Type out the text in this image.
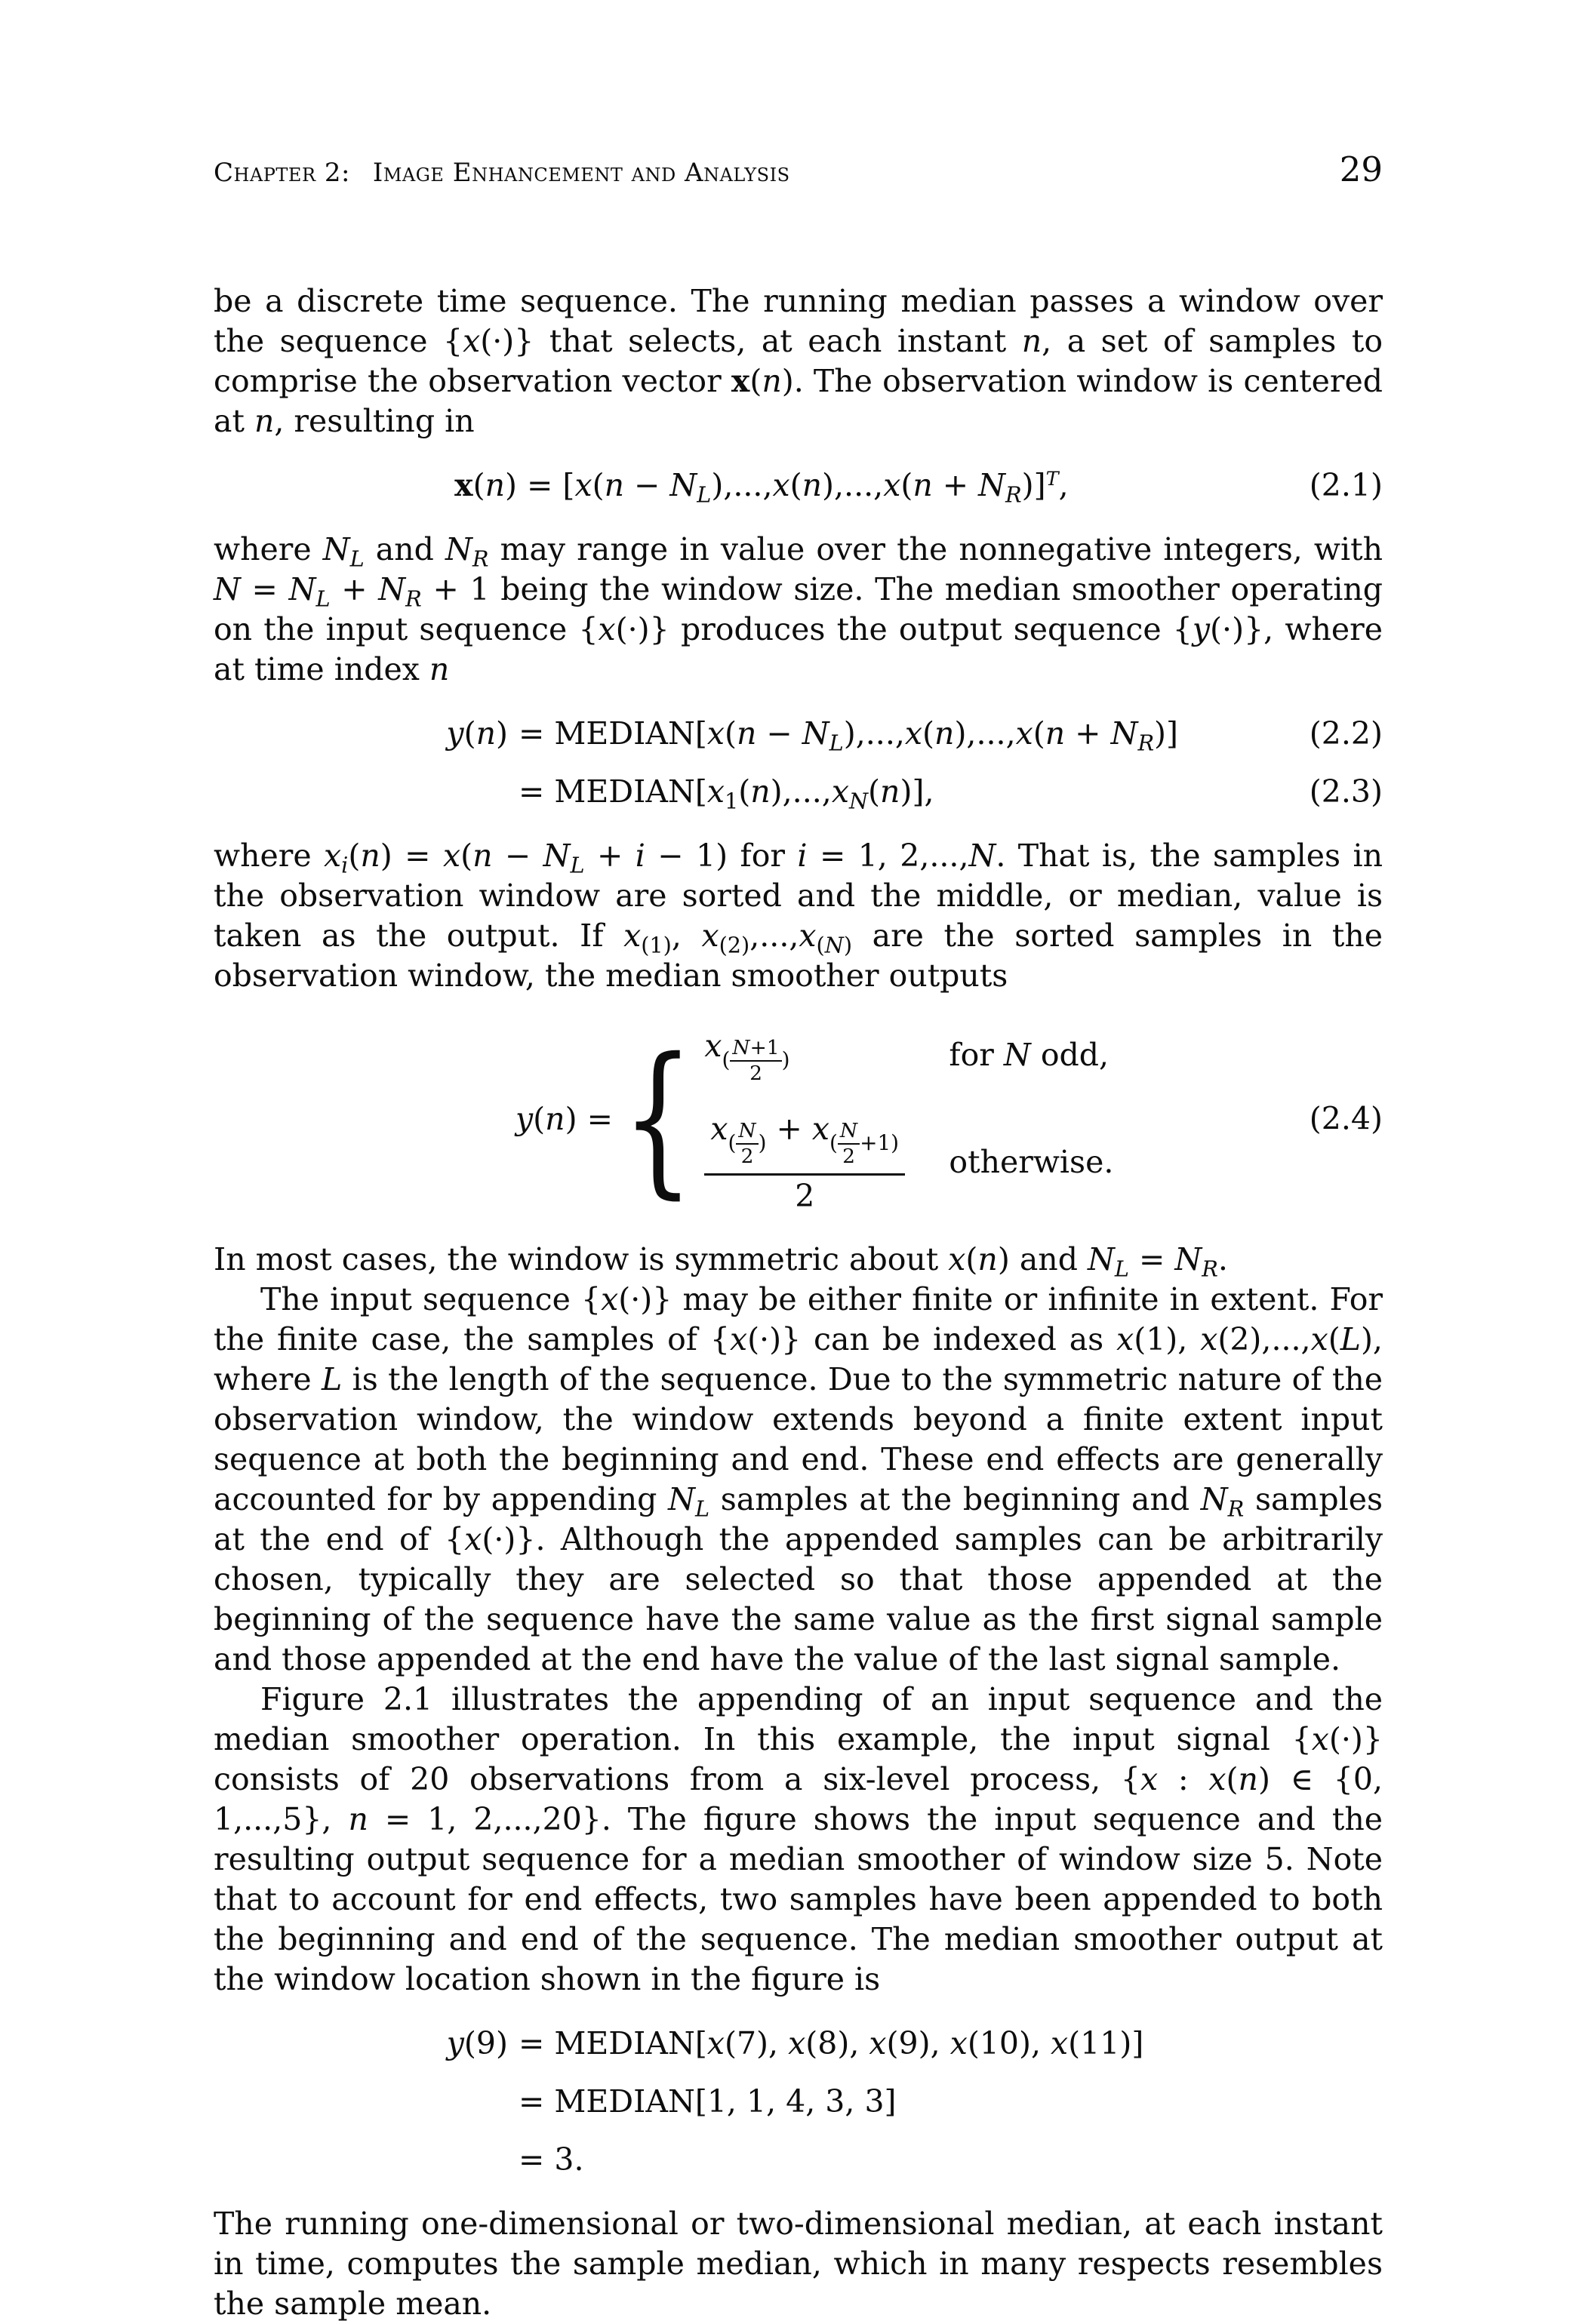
Chapter 2: Image Enhancement and Analysis	29

be a discrete time sequence. The running median passes a window over the sequence {x(·)} that selects, at each instant n, a set of samples to comprise the observation vector x(n). The observation window is centered at n, resulting in

$x(n) = [x(n - N_L),...,x(n),...,x(n + N_R)]^T$,	(2.1)

where $N_L$ and $N_R$ may range in value over the nonnegative integers, with $N = N_L + N_R + 1$ being the window size. The median smoother operating on the input sequence {x(·)} produces the output sequence {y(·)}, where at time index n

y(n) = MEDIAN[x(n − $N_L),...,x(n),...,x(n + N_R)$]	(2.2)
= $MEDIAN[x_1(n),...,x_N(n)]$,	(2.3)

where $x_i(n) = x(n - N_L + i - 1)$ for i = 1, 2,...,N. That is, the samples in the observation window are sorted and the middle, or median, value is taken as the output. If $x_{(1)}$, $x_{(2)},...,x_{(N)}$ are the sorted samples in the observation window, the median smoother outputs

y(n) = { $x_{( \frac{N+1}{2} )}$	for N odd,
$x_{( \frac{N}{2} )} + x_{( \frac{N}{2} +1)}$
2 otherwise.
(2.4)

In most cases, the window is symmetric about x(n) and $N_L = N_R$.

The input sequence {x(·)} may be either finite or infinite in extent. For the finite case, the samples of {x(·)} can be indexed as x(1), x(2),...,x(L), where L is the length of the sequence. Due to the symmetric nature of the observation window, the window extends beyond a finite extent input sequence at both the beginning and end. These end effects are generally accounted for by appending $N_L$ samples at the beginning and $N_R$ samples at the end of {x(·)}. Although the appended samples can be arbitrarily chosen, typically they are selected so that those appended at the beginning of the sequence have the same value as the first signal sample and those appended at the end have the value of the last signal sample.

Figure 2.1 illustrates the appending of an input sequence and the median smoother operation. In this example, the input signal {x(·)} consists of 20 observations from a six-level process, {x : x(n) ∈ {0, 1,...,5}, n = 1, 2,...,20}. The figure shows the input sequence and the resulting output sequence for a median smoother of window size 5. Note that to account for end effects, two samples have been appended to both the beginning and end of the sequence. The median smoother output at the window location shown in the figure is

y(9) = MEDIAN[x(7), x(8), x(9), x(10), x(11)]
= MEDIAN[1, 1, 4, 3, 3]
= 3.

The running one-dimensional or two-dimensional median, at each instant in time, computes the sample median, which in many respects resembles the sample mean.
